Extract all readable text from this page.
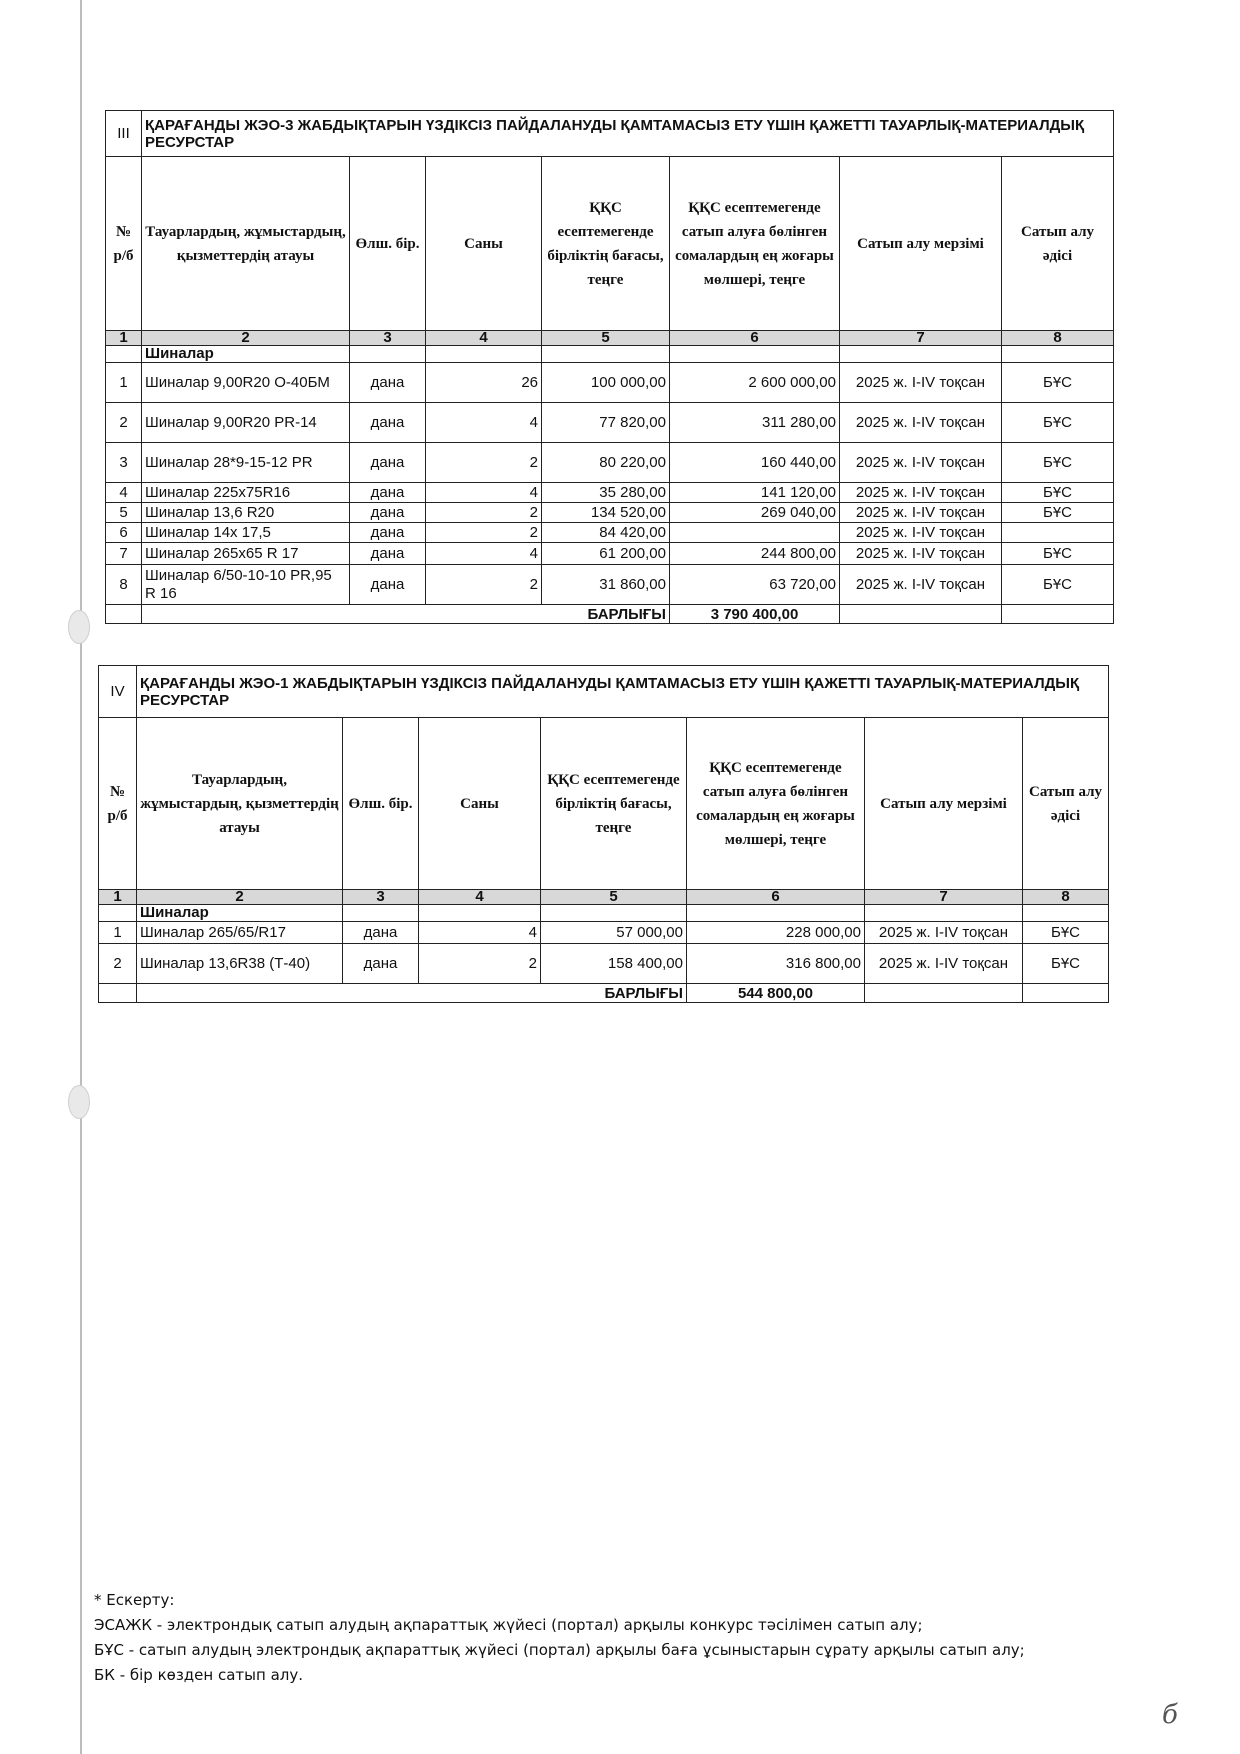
III	ҚАРАҒАНДЫ ЖЭО-3 ЖАБДЫҚТАРЫН ҮЗДІКСІЗ ПАЙДАЛАНУДЫ ҚАМТАМАСЫЗ ЕТУ ҮШІН ҚАЖЕТТІ ТАУАРЛЫҚ-МАТЕРИАЛДЫҚ РЕСУРСТАР						
№ р/б	Тауарлардың, жұмыстардың, қызметтердің атауы	Өлш. бір.	Саны	ҚҚС есептемегенде бірліктің бағасы, теңге	ҚҚС есептемегенде сатып алуға бөлінген сомалардың ең жоғары мөлшері, теңге	Сатып алу мерзімі	Сатып алу әдісі
1	2	3	4	5	6	7	8
	Шиналар						
1	Шиналар 9,00R20 О-40БМ	дана	26	100 000,00	2 600 000,00	2025 ж. I-IV тоқсан	БҰС
2	Шиналар 9,00R20 PR-14	дана	4	77 820,00	311 280,00	2025 ж. I-IV тоқсан	БҰС
3	Шиналар 28*9-15-12 PR	дана	2	80 220,00	160 440,00	2025 ж. I-IV тоқсан	БҰС
4	Шиналар 225х75R16	дана	4	35 280,00	141 120,00	2025 ж. I-IV тоқсан	БҰС
5	Шиналар 13,6 R20	дана	2	134 520,00	269 040,00	2025 ж. I-IV тоқсан	БҰС
6	Шиналар 14х 17,5	дана	2	84 420,00		2025 ж. I-IV тоқсан	
7	Шиналар 265х65 R 17	дана	4	61 200,00	244 800,00	2025 ж. I-IV тоқсан	БҰС
8	Шиналар 6/50-10-10 PR,95 R 16	дана	2	31 860,00	63 720,00	2025 ж. I-IV тоқсан	БҰС
	БАРЛЫҒЫ				3 790 400,00		
IV	ҚАРАҒАНДЫ ЖЭО-1 ЖАБДЫҚТАРЫН ҮЗДІКСІЗ ПАЙДАЛАНУДЫ ҚАМТАМАСЫЗ ЕТУ ҮШІН ҚАЖЕТТІ ТАУАРЛЫҚ-МАТЕРИАЛДЫҚ РЕСУРСТАР						
№ р/б	Тауарлардың, жұмыстардың, қызметтердің атауы	Өлш. бір.	Саны	ҚҚС есептемегенде бірліктің бағасы, теңге	ҚҚС есептемегенде сатып алуға бөлінген сомалардың ең жоғары мөлшері, теңге	Сатып алу мерзімі	Сатып алу әдісі
1	2	3	4	5	6	7	8
	Шиналар						
1	Шиналар 265/65/R17	дана	4	57 000,00	228 000,00	2025 ж. I-IV тоқсан	БҰС
2	Шиналар 13,6R38 (Т-40)	дана	2	158 400,00	316 800,00	2025 ж. I-IV тоқсан	БҰС
	БАРЛЫҒЫ				544 800,00		
* Ескерту:
ЭСАЖК - электрондық сатып алудың ақпараттық жүйесі (портал) арқылы конкурс тәсілімен сатып алу;
БҰС - сатып алудың электрондық ақпараттық жүйесі (портал) арқылы баға ұсыныстарын сұрату арқылы сатып алу;
БК - бір көзден сатып алу.
б
